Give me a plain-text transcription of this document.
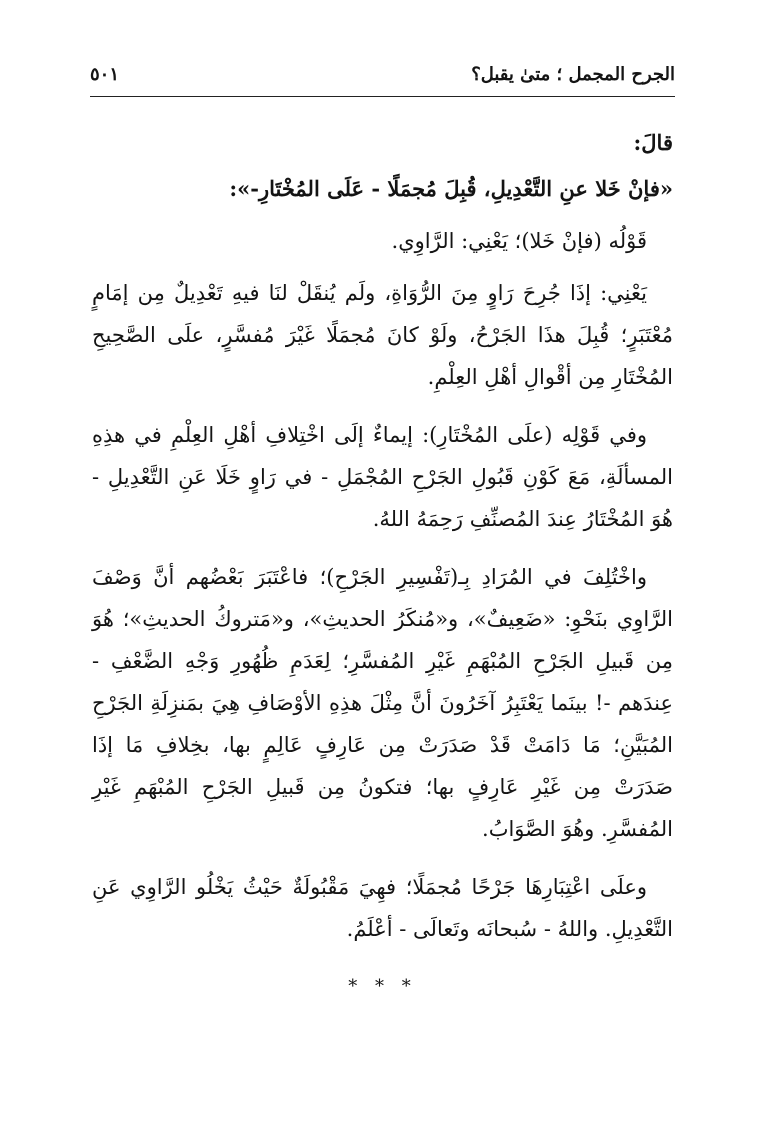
الجرح المجمل ؛ متىٰ يقبل؟
٥٠١

قالَ:

«فإنْ خَلا عنِ التَّعْدِيلِ، قُبِلَ مُجمَلًا - عَلَى المُخْتَارِ-»:

قَوْلُه (فإنْ خَلا)؛ يَعْنِي: الرَّاوِي.

يَعْنِي: إذَا جُرِحَ رَاوٍ مِنَ الرُّوَاةِ، ولَم يُنقَلْ لنَا فيهِ تَعْدِيلٌ مِن إمَامٍ مُعْتَبَرٍ؛ قُبِلَ هذَا الجَرْحُ، ولَوْ كانَ مُجمَلًا غَيْرَ مُفسَّرٍ، علَى الصَّحِيحِ المُخْتَارِ مِن أقْوالِ أهْلِ العِلْمِ.

وفي قَوْلِه (علَى المُخْتَارِ): إيماءٌ إلَى اخْتِلافِ أهْلِ العِلْمِ في هذِهِ المسألَةِ، مَعَ كَوْنِ قَبُولِ الجَرْحِ المُجْمَلِ - في رَاوٍ خَلَا عَنِ التَّعْدِيلِ - هُوَ المُخْتَارُ عِندَ المُصنِّفِ رَحِمَهُ اللهُ.

واخْتُلِفَ في المُرَادِ بِـ(تَفْسِيرِ الجَرْحِ)؛ فاعْتَبَرَ بَعْضُهم أنَّ وَصْفَ الرَّاوِي بنَحْوِ: «ضَعِيفٌ»، و«مُنكَرُ الحديثِ»، و«مَتروكُ الحديثِ»؛ هُوَ مِن قَبيلِ الجَرْحِ المُبْهَمِ غَيْرِ المُفسَّرِ؛ لِعَدَمِ ظُهُورِ وَجْهِ الضَّعْفِ - عِندَهم -! بينَما يَعْتَبِرُ آخَرُونَ أنَّ مِثْلَ هذِهِ الأوْصَافِ هِيَ بمَنزِلَةِ الجَرْحِ المُبَيَّنِ؛ مَا دَامَتْ قَدْ صَدَرَتْ مِن عَارِفٍ عَالِمٍ بها، بخِلافِ مَا إذَا صَدَرَتْ مِن غَيْرِ عَارِفٍ بها؛ فتكونُ مِن قَبيلِ الجَرْحِ المُبْهَمِ غَيْرِ المُفسَّرِ. وهُوَ الصَّوَابُ.

وعلَى اعْتِبَارِهَا جَرْحًا مُجمَلًا؛ فهِيَ مَقْبُولَةٌ حَيْثُ يَخْلُو الرَّاوِي عَنِ التَّعْدِيلِ. واللهُ - سُبحانَه وتَعالَى - أعْلَمُ.

* * *
